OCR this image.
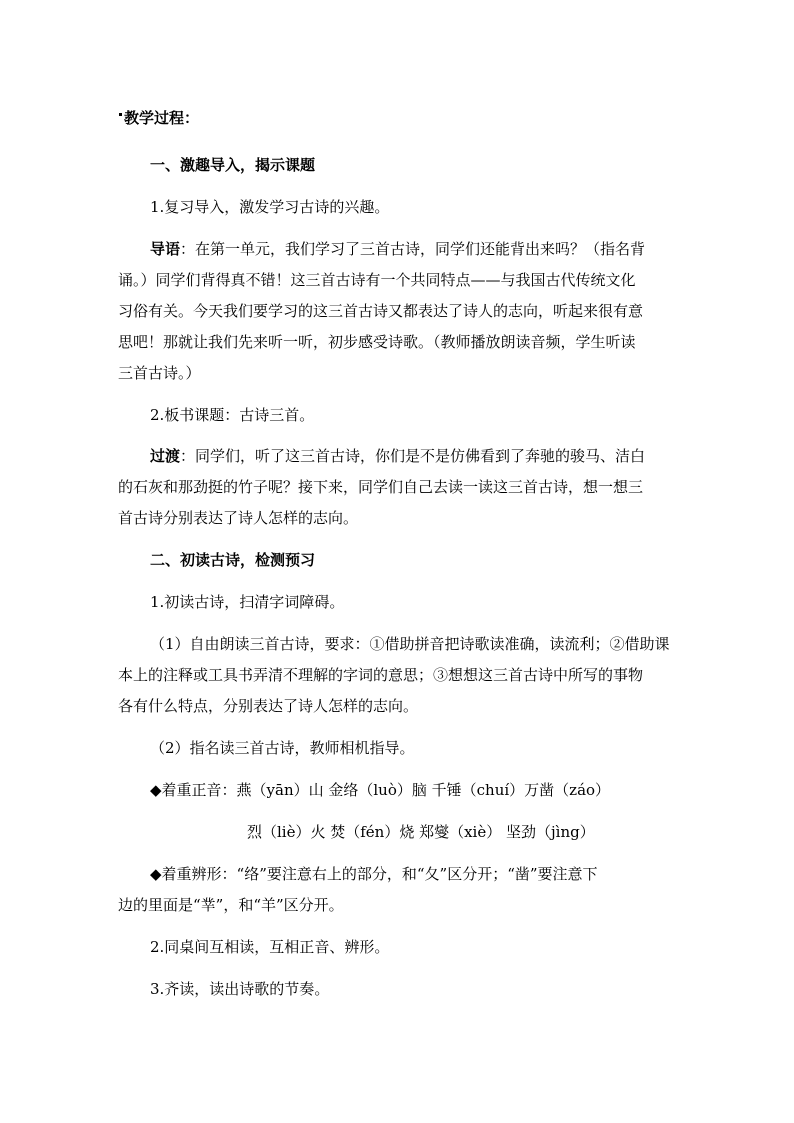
教学过程：
一、激趣导入，揭示课题
1.复习导入，激发学习古诗的兴趣。
导语：在第一单元，我们学习了三首古诗，同学们还能背出来吗？（指名背
诵。）同学们背得真不错！这三首古诗有一个共同特点——与我国古代传统文化
习俗有关。今天我们要学习的这三首古诗又都表达了诗人的志向，听起来很有意
思吧！那就让我们先来听一听，初步感受诗歌。（教师播放朗读音频，学生听读
三首古诗。）
2.板书课题：古诗三首。
过渡：同学们，听了这三首古诗，你们是不是仿佛看到了奔驰的骏马、洁白
的石灰和那劲挺的竹子呢？接下来，同学们自己去读一读这三首古诗，想一想三
首古诗分别表达了诗人怎样的志向。
二、初读古诗，检测预习
1.初读古诗，扫清字词障碍。
（1）自由朗读三首古诗，要求：①借助拼音把诗歌读准确，读流利；②借助课
本上的注释或工具书弄清不理解的字词的意思；③想想这三首古诗中所写的事物
各有什么特点，分别表达了诗人怎样的志向。
（2）指名读三首古诗，教师相机指导。
◆着重正音：燕（yān）山 金络（luò）脑 千锤（chuí）万凿（záo）
烈（liè）火 焚（fén）烧 郑燮（xiè） 坚劲（jìng）
◆着重辨形：“络”要注意右上的部分，和“夂”区分开；“凿”要注意下
边的里面是“丵”，和“羊”区分开。
2.同桌间互相读，互相正音、辨形。
3.齐读，读出诗歌的节奏。
